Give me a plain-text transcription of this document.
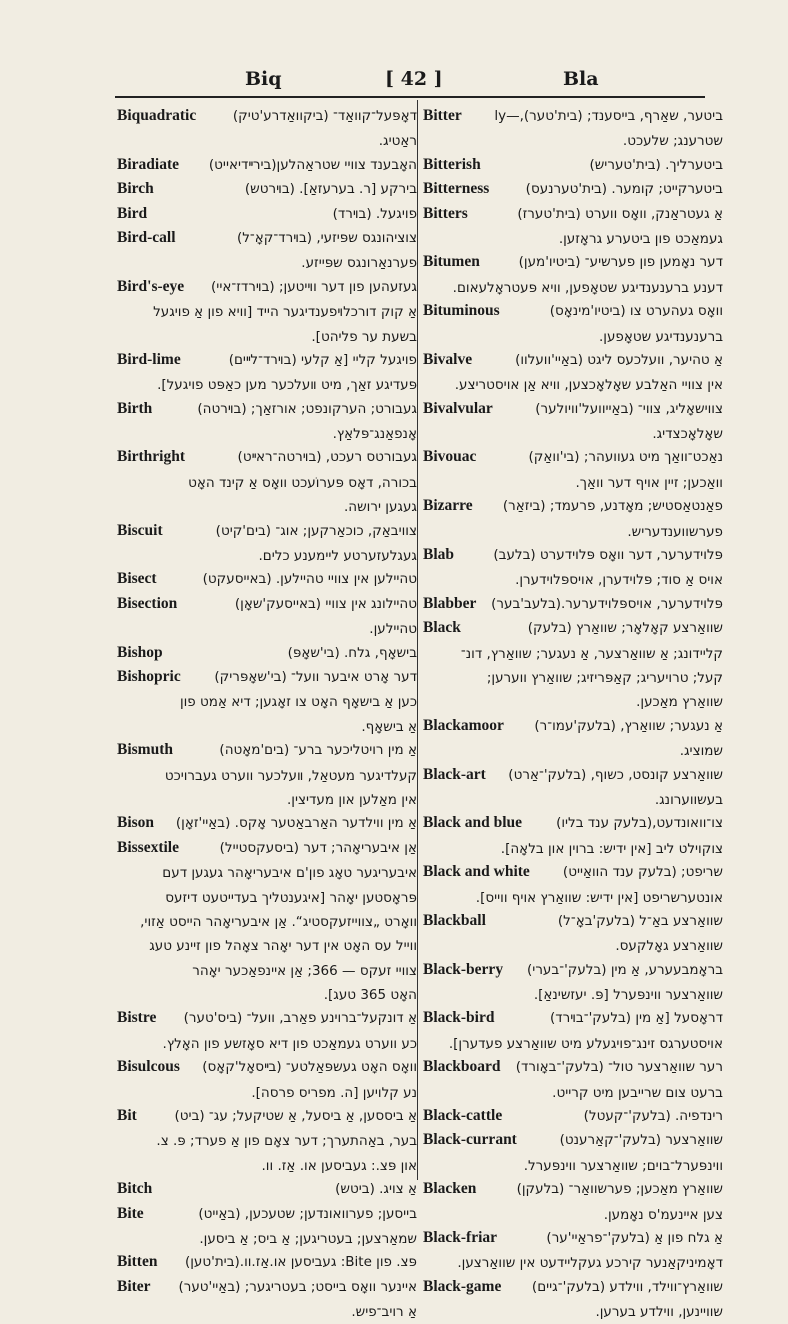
Biq	[ 42 ]	Bla
Biquadratic	דאָפּעל־קוואַד־ (ביקוואַדרע'טיק)
ראַטיג.
Biradiate האָבענד צוויי שטראַהלען(בירײדיאייט)
Birch	בירקע [ר. בערעזאַ]. (בױרטש)
Bird	פויגעל. (בױרד)
Bird-call	צוציהונגס שפּיזעי, (בױרד־קאָ־ל)
פערנאַרונגס שפּייזע.
Bird's-eye געזעהען פון דער וױיטען; (בױרדז־איי)
אַ קוק דורכלױפענדיגער הייד [וויא פון אַ פויגעל
בשעת ער פליהט].
Bird-lime	פויגעל קליי [אַ קלעי (בױרד־לײים)
פּעדיגע זאַך, מיט װעלכער מען כאַפּט פויגעל].
Birth	געבורט; הערקונפט; אורזאַך; (בױרטה)
אָנפאַנג־פּלאַץ.
Birthright	געבורטס רעכט, (בױרטה־ראײט)
בכורה, דאָס פּערוֹעכט וואָס אַ קינד האָט
געגען ירושה.
Biscuit	צוויבאַק, כוכאַרקען; אוג־ (בים'קיט)
געגלעזערטע ליימענע כלים.
Bisect	טהיילען אין צוויי טהיילען. (באייסעקט)
Bisection	טהיילונג אין צוויי (באייסעק'שאָן)
טהיילען.
Bishop	בישאָף, גלח. (בי'שאָפּ)
Bishopric דער אָרט איבער וועל־ (בי'שאָפּריק)
כען אַ בישאָף האָט צו זאָגען; דיא אַמט פון
אַ בישאָף.
Bismuth	אַ מין רויטליכער ברע־ (בים'מאָטה)
קעלדיגער מעטאַל, װעלכער ווערט געברויכט
אין מאַלען און מעדיצין.
Bison אַ מין ווילדער האַרבאַטער אָקס. (באַיי'זאָן)
Bissextile	אַן איבעריאָהר; דער (ביסעקסטייל)
איבעריגער טאָג פון'ם איבעריאָהר געגען דעם
פּראָסטען יאָהר [איגענטליך בעדייטעט דיזעס
וואָרט „צווייזעקסטיג“. אַן איבעריאָהר הייסט אַזוי,
ווייל עס האָט אין דער יאָהר צאָהל פון זיינע טעג
צוויי זעקס — 366; אַן איינפאַכער יאָהר
האָט 365 טעג].
Bistre אַ דונקעל־ברוינע פאַרב, וועל־ (ביס'טער)
כע ווערט געמאַכט פון דיא סאָזשע פון האָלץ.
Bisulcous וואָס האָט געשפּאַלטע־ (בײסאָל'קאָס)
נע קלויען [ה. מפריס פרסה].
Bit	אַ ביססען, אַ ביסעל, אַ שטיקעל; עג־ (ביט)
בער, באַהתערך; דער צאָם פון אַ פערד; פּ. צ.
און פּצ.: געביסען או. אַז. וו.
Bitch	אַ צויג. (ביטש)
Bite	בייסען; פערוואונדען; שטעכען, (באַייט)
שמאַרצען; בעטריגען; אַ ביס; אַ ביסען.
Bitten פּצ. פון Bite: געביסען או.אַז.וו.(בית'טען)
Biter איינער וואָס בייסט; בעטריגער; (באַיי'טער)
אַ רויב־פיש.
Bitter ביטער, שאַרף, בייסענד; (בית'טער),—ly
שטרענג; שלעכט.
Bitterish	ביטערליך. (בית'טעריש)
Bitterness	ביטערקייט; קומער. (בית'טערנעס)
Bitters	אַ געטראַנק, וואָס ווערט (בית'טערז)
געמאַכט פון ביטערע גראָזען.
Bitumen	דער נאָמען פון פערשיע־ (ביטיו'מען)
דענע ברענענדיגע שטאָפען, וויא פּעטראָלעאום.
Bituminous	וואָס געהערט צו (ביטיו'מינאָס)
ברענענדיגע שטאָפען.
Bivalve	אַ טהיער, וועלכעס ליגט (באַיי'וועלוו)
אין צוויי האַלבע שאָלאָכצען, וויא אַן אויסטריצע.
Bivalvular	צווישאָליג, צווי־ (באַייוועל'וויולער)
שאָלאָכצדיג.
Bivouac	נאַכט־וואַך מיט געוועהר; (בי'וואַק)
וואַכען; זיין אויף דער וואַך.
Bizarre פאַנטאַסטיש; מאָדנע, פרעמד; (ביזאַר)
פערשווענדעריש.
Blab	פּלוידערער, דער וואָס פּלוידערט (בלעב)
אויס אַ סוד; פּלוידערן, אויספּלוידערן.
Blabber פּלוידערער, אויספּלוידערער.(בלעב'בער)
Black	שוואַרצע קאָלאָר; שוואַרץ (בלעק)
קליידונג; אַ שוואַרצער, אַ נעגער; שוואַרץ, דונ־
קעל; טרויעריג; קאַפּריזיג; שוואַרץ ווערען;
שוואַרץ מאַכען.
Blackamoor אַ נעגער; שוואַרץ, (בלעק'עמו־ר)
שמוציג.
Black-art שוואַרצע קונסט, כשוף, (בלעק'־אַרט)
בעשווערונג.
Black and blue	צו־וואונדעט,(בלעק ענד בליו)
צוקוילט ליב [אין ידיש: ברוין און בלאָה].
Black and white שריפט; (בלעק ענד הוואַייט)
אונטערשריפט [אין ידיש: שוואַרץ אויף ווייס].
Blackball	שוואַרצע באַ־ל (בלעק'באָ־ל)
שוואַרצע גאָלקעס.
Black-berry בראָמבעערע, אַ מין (בלעק'־בערי)
שוואַרצער ווינפּערל [פּ. יעזשינאַ].
Black-bird	דראָסעל [אַ מין (בלעק'־בױרד)
אויסטערגס זינג־פויגעלע מיט שוואַרצע פעדערן].
Blackboard רער שוואַרצער טול־ (בלעק'־באָורד)
ברעט צום שרייבען מיט קרייט.
Black-cattle	רינדפיה. (בלעק'־קעטל)
Black-currant	שוואַרצער (בלעק'־קאַרענט)
ווינפּערל־בוים; שוואַרצער ווינפּערל.
Blacken	שוואַרץ מאַכען; פערשוואַר־ (בלעקן)
צען איינעמ'ס נאָמען.
Black-friar	אַ גלח פון אַ (בלעק'־פראַיי'ער)
דאָמיניקאַנער קירכע געקליידעט אין שוואַרצען.
Black-game שוואַרץ־ווילד, ווילדע (בלעק'־גיים)
שוויינען, ווילדע בערען.
